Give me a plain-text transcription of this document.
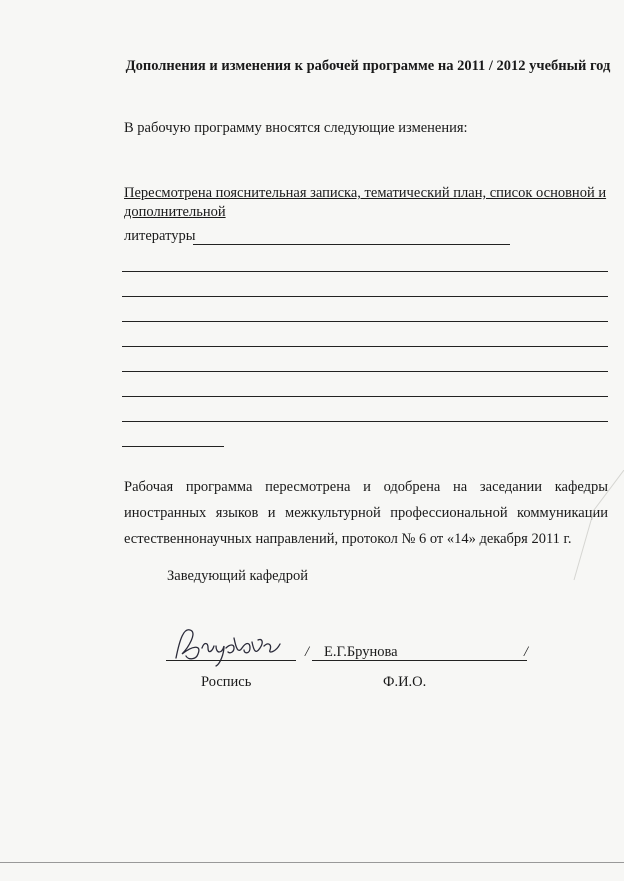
Дополнения и изменения к рабочей программе на 2011 / 2012 учебный год
В рабочую программу вносятся следующие изменения:
Пересмотрена пояснительная записка, тематический план, список основной и
дополнительной
литературы
Рабочая программа пересмотрена и одобрена на заседании кафедры
иностранных языков и межкультурной профессиональной коммуникации
естественнонаучных направлений, протокол № 6 от «14» декабря 2011 г.
Заведующий кафедрой
/ Е.Г.Брунова	/
Роспись	Ф.И.О.
